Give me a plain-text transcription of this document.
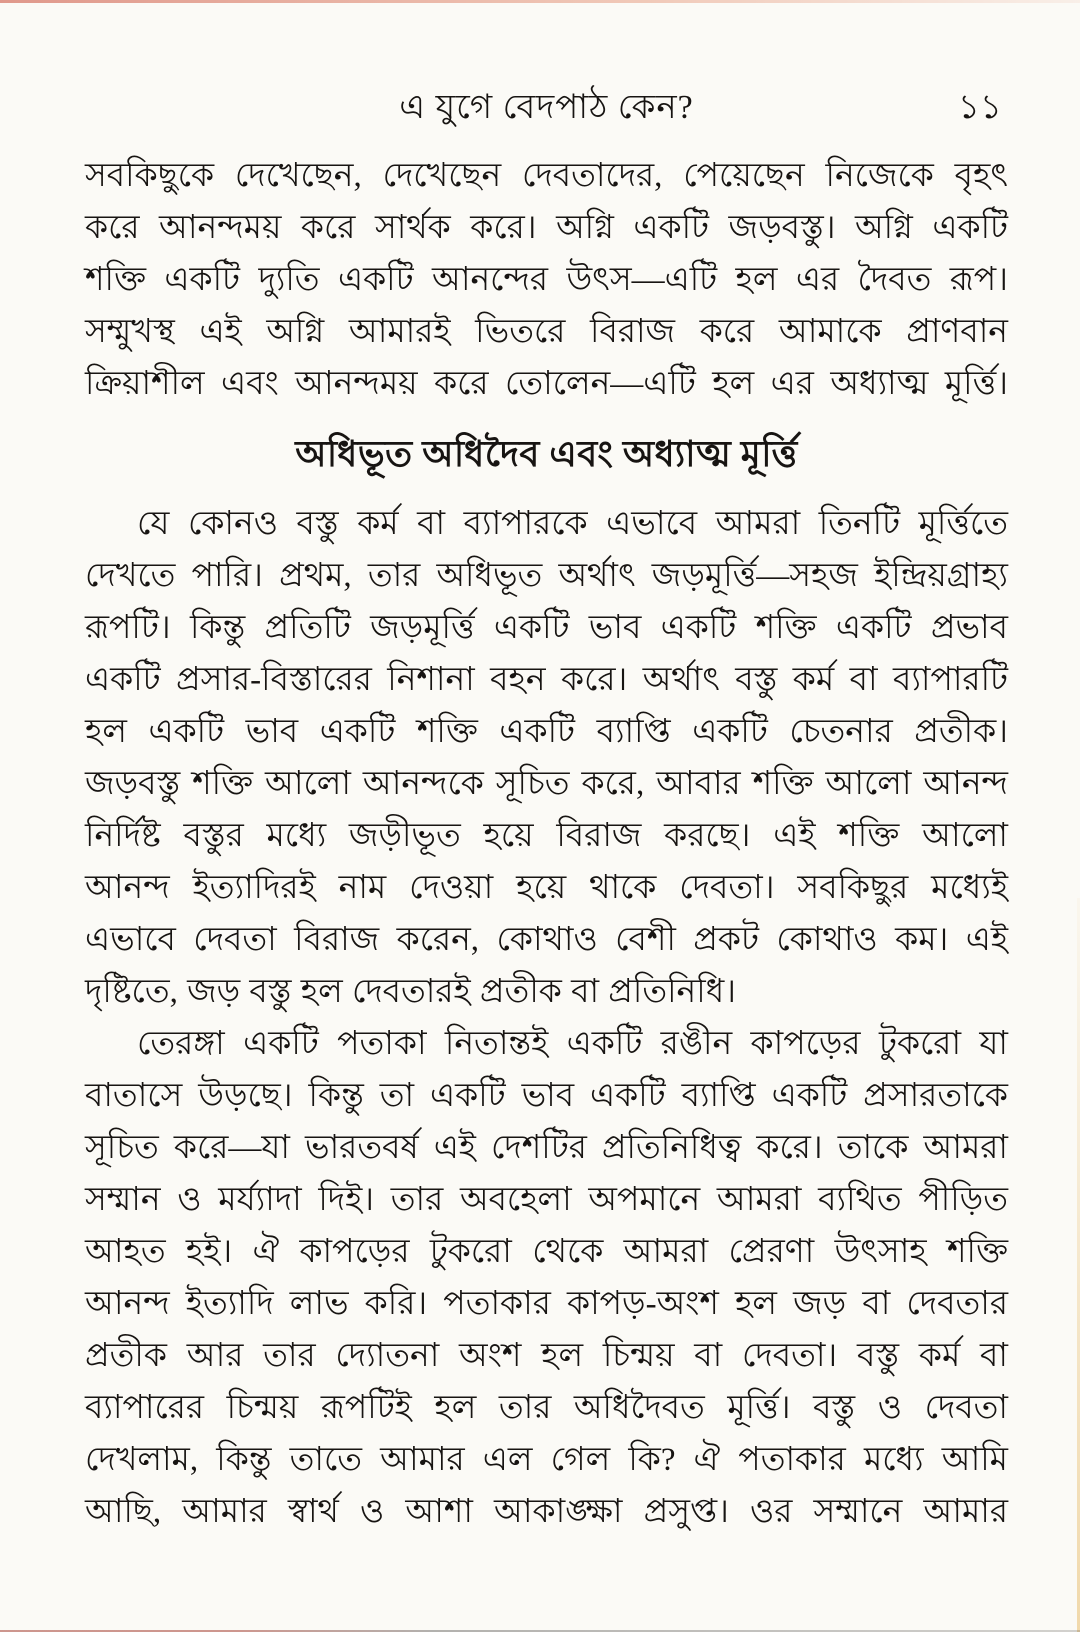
এ যুগে বেদপাঠ কেন?	১১
সবকিছুকে দেখেছেন, দেখেছেন দেবতাদের, পেয়েছেন নিজেকে বৃহৎ
করে আনন্দময় করে সার্থক করে। অগ্নি একটি জড়বস্তু। অগ্নি একটি
শক্তি একটি দ্যুতি একটি আনন্দের উৎস—এটি হল এর দৈবত রূপ।
সম্মুখস্থ এই অগ্নি আমারই ভিতরে বিরাজ করে আমাকে প্রাণবান
ক্রিয়াশীল এবং আনন্দময় করে তোলেন—এটি হল এর অধ্যাত্ম মূর্ত্তি।
অধিভূত অধিদৈব এবং অধ্যাত্ম মূর্ত্তি
যে কোনও বস্তু কর্ম বা ব্যাপারকে এভাবে আমরা তিনটি মূর্ত্তিতে
দেখতে পারি। প্রথম, তার অধিভূত অর্থাৎ জড়মূর্ত্তি—সহজ ইন্দ্রিয়গ্রাহ্য
রূপটি। কিন্তু প্রতিটি জড়মূর্ত্তি একটি ভাব একটি শক্তি একটি প্রভাব
একটি প্রসার-বিস্তারের নিশানা বহন করে। অর্থাৎ বস্তু কর্ম বা ব্যাপারটি
হল একটি ভাব একটি শক্তি একটি ব্যাপ্তি একটি চেতনার প্রতীক।
জড়বস্তু শক্তি আলো আনন্দকে সূচিত করে, আবার শক্তি আলো আনন্দ
নির্দিষ্ট বস্তুর মধ্যে জড়ীভূত হয়ে বিরাজ করছে। এই শক্তি আলো
আনন্দ ইত্যাদিরই নাম দেওয়া হয়ে থাকে দেবতা। সবকিছুর মধ্যেই
এভাবে দেবতা বিরাজ করেন, কোথাও বেশী প্রকট কোথাও কম। এই
দৃষ্টিতে, জড় বস্তু হল দেবতারই প্রতীক বা প্রতিনিধি।
তেরঙ্গা একটি পতাকা নিতান্তই একটি রঙীন কাপড়ের টুকরো যা
বাতাসে উড়ছে। কিন্তু তা একটি ভাব একটি ব্যাপ্তি একটি প্রসারতাকে
সূচিত করে—যা ভারতবর্ষ এই দেশটির প্রতিনিধিত্ব করে। তাকে আমরা
সম্মান ও মর্য্যাদা দিই। তার অবহেলা অপমানে আমরা ব্যথিত পীড়িত
আহত হই। ঐ কাপড়ের টুকরো থেকে আমরা প্রেরণা উৎসাহ শক্তি
আনন্দ ইত্যাদি লাভ করি। পতাকার কাপড়-অংশ হল জড় বা দেবতার
প্রতীক আর তার দ্যোতনা অংশ হল চিন্ময় বা দেবতা। বস্তু কর্ম বা
ব্যাপারের চিন্ময় রূপটিই হল তার অধিদৈবত মূর্ত্তি। বস্তু ও দেবতা
দেখলাম, কিন্তু তাতে আমার এল গেল কি? ঐ পতাকার মধ্যে আমি
আছি, আমার স্বার্থ ও আশা আকাঙ্ক্ষা প্রসুপ্ত। ওর সম্মানে আমার
